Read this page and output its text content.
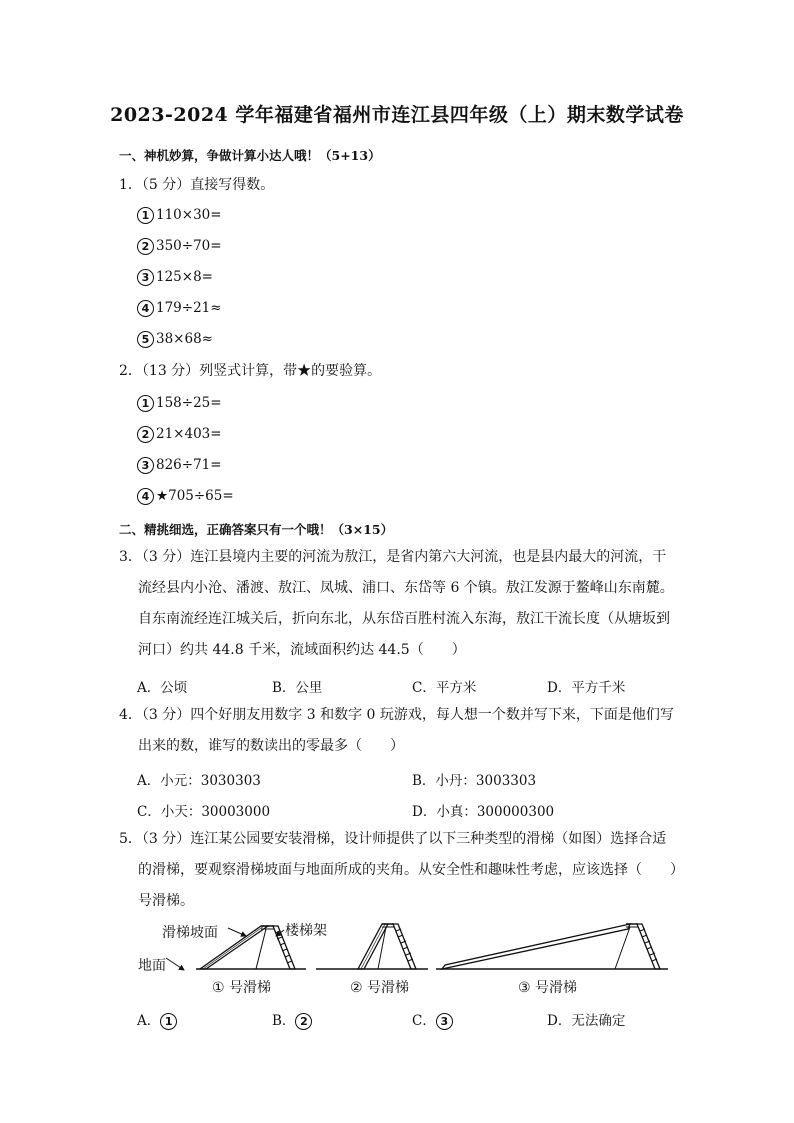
2023-2024 学年福建省福州市连江县四年级（上）期末数学试卷
一、神机妙算，争做计算小达人哦！（5+13）

1．（5 分）直接写得数。

1 110×30=
2 350÷70=
3 125×8=
4 179÷21≈
5 38×68≈

2．（13 分）列竖式计算，带★的要验算。

1 158÷25=
2 21×403=
3 826÷71=
4 ★705÷65=
二、精挑细选，正确答案只有一个哦！（3×15）

3．（3 分）连江县境内主要的河流为敖江，是省内第六大河流，也是县内最大的河流，干

流经县内小沧、潘渡、敖江、凤城、浦口、东岱等 6 个镇。敖江发源于鳌峰山东南麓。

自东南流经连江城关后，折向东北，从东岱百胜村流入东海，敖江干流长度（从塘坂到

河口）约共 44.8 千米，流域面积约达 44.5（　　）

A．公顷	B．公里	C．平方米	D．平方千米

4．（3 分）四个好朋友用数字 3 和数字 0 玩游戏，每人想一个数并写下来，下面是他们写

出来的数，谁写的数读出的零最多（　　）

A．小元：3030303	B．小丹：3003303
C．小天：30003000	D．小真：300000300

5．（3 分）连江某公园要安装滑梯，设计师提供了以下三种类型的滑梯（如图）选择合适

的滑梯，要观察滑梯坡面与地面所成的夹角。从安全性和趣味性考虑，应该选择（　　）

号滑梯。

滑梯坡面	楼梯架
地面
① 号滑梯	② 号滑梯	③ 号滑梯
A． 1	B． 2	C． 3	D．无法确定
